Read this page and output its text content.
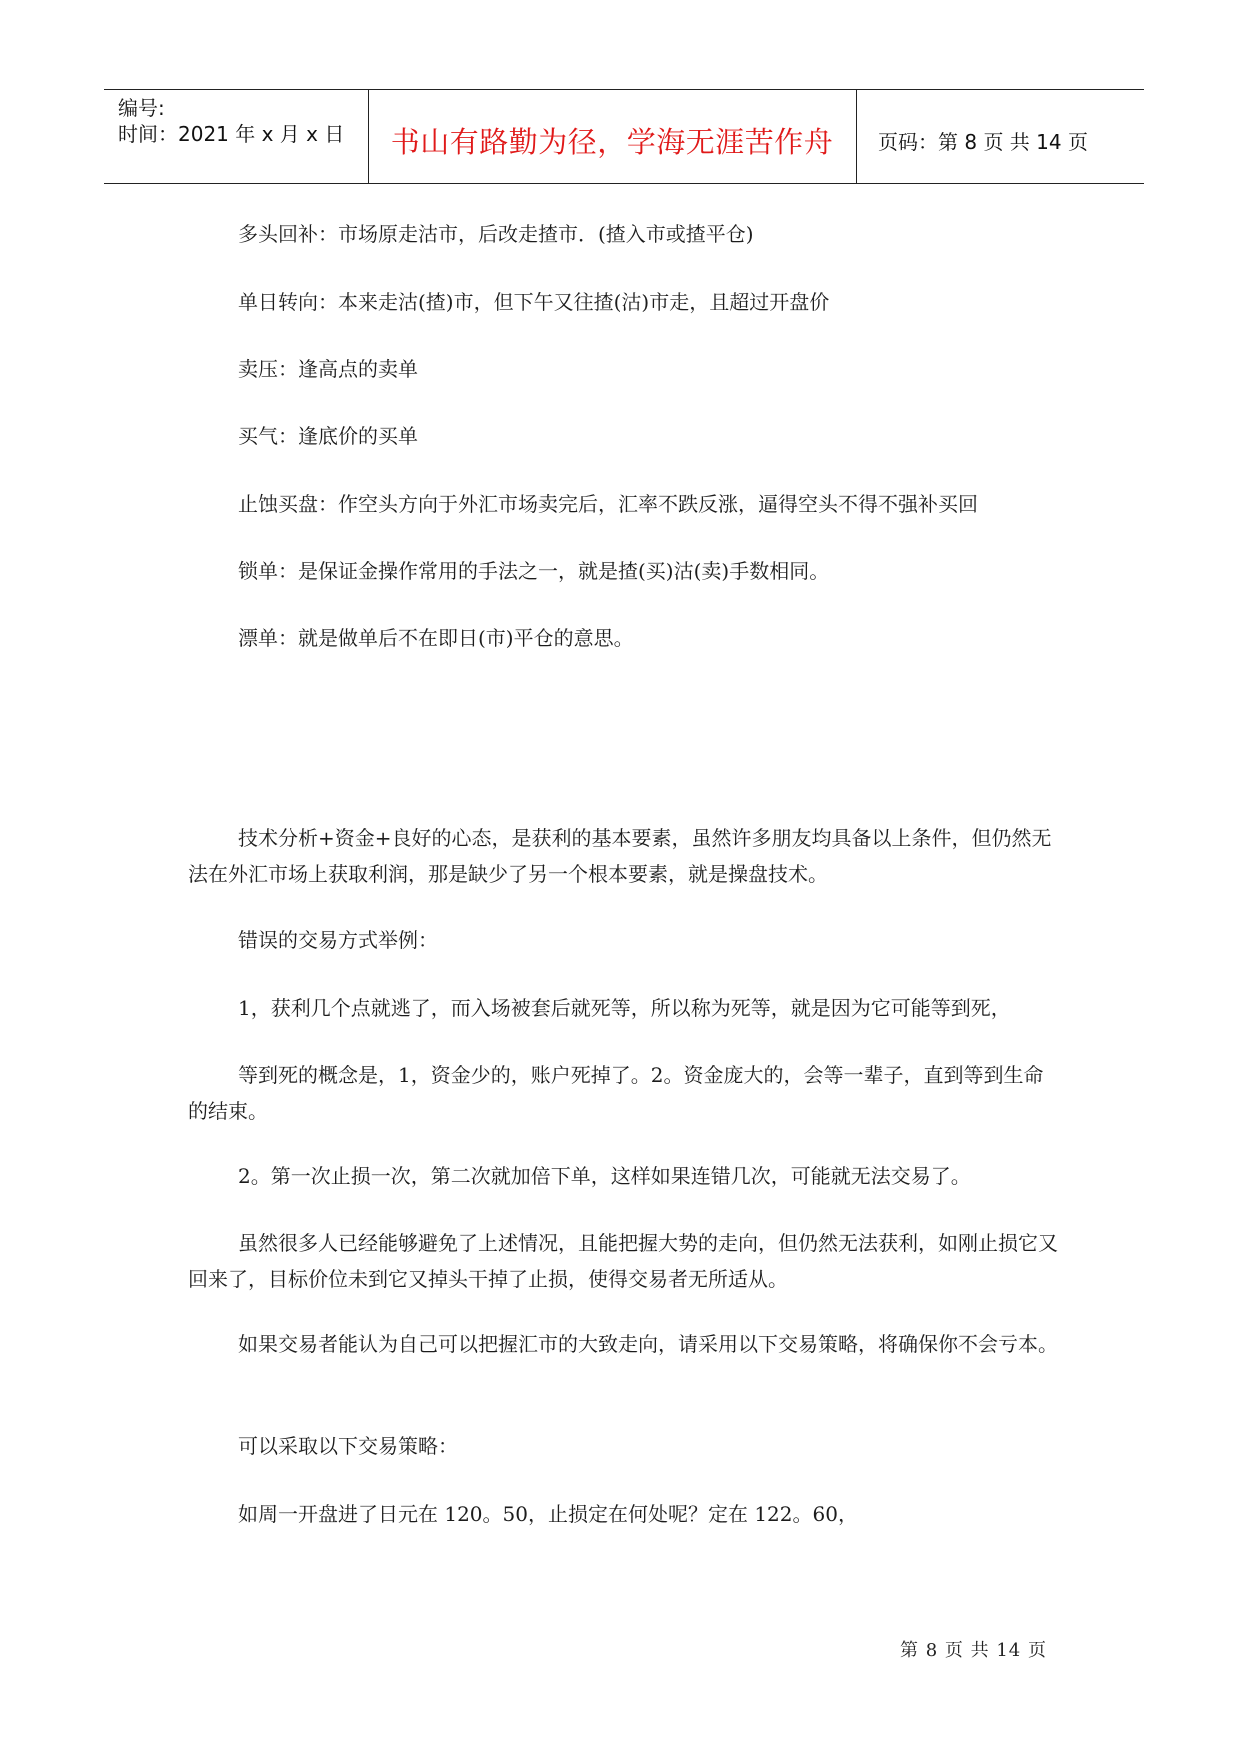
编号:
时间：2021 年 x 月 x 日	书山有路勤为径，学海无涯苦作舟	页码：第 8 页 共 14 页

多头回补：市场原走沽市，后改走揸市．(揸入市或揸平仓)

单日转向：本来走沽(揸)市，但下午又往揸(沽)市走，且超过开盘价

卖压：逢高点的卖单

买气：逢底价的买单

止蚀买盘：作空头方向于外汇市场卖完后，汇率不跌反涨，逼得空头不得不强补买回

锁单：是保证金操作常用的手法之一，就是揸(买)沽(卖)手数相同。

漂单：就是做单后不在即日(市)平仓的意思。

技术分析+资金+良好的心态，是获利的基本要素，虽然许多朋友均具备以上条件，但仍然无法在外汇市场上获取利润，那是缺少了另一个根本要素，就是操盘技术。

错误的交易方式举例：

1，获利几个点就逃了，而入场被套后就死等，所以称为死等，就是因为它可能等到死，

等到死的概念是，1，资金少的，账户死掉了。2。资金庞大的，会等一辈子，直到等到生命的结束。

2。第一次止损一次，第二次就加倍下单，这样如果连错几次，可能就无法交易了。

虽然很多人已经能够避免了上述情况，且能把握大势的走向，但仍然无法获利，如刚止损它又回来了，目标价位未到它又掉头干掉了止损，使得交易者无所适从。

如果交易者能认为自己可以把握汇市的大致走向，请采用以下交易策略，将确保你不会亏本。

可以采取以下交易策略：

如周一开盘进了日元在 120。50，止损定在何处呢？定在 122。60，

第 8 页 共 14 页
